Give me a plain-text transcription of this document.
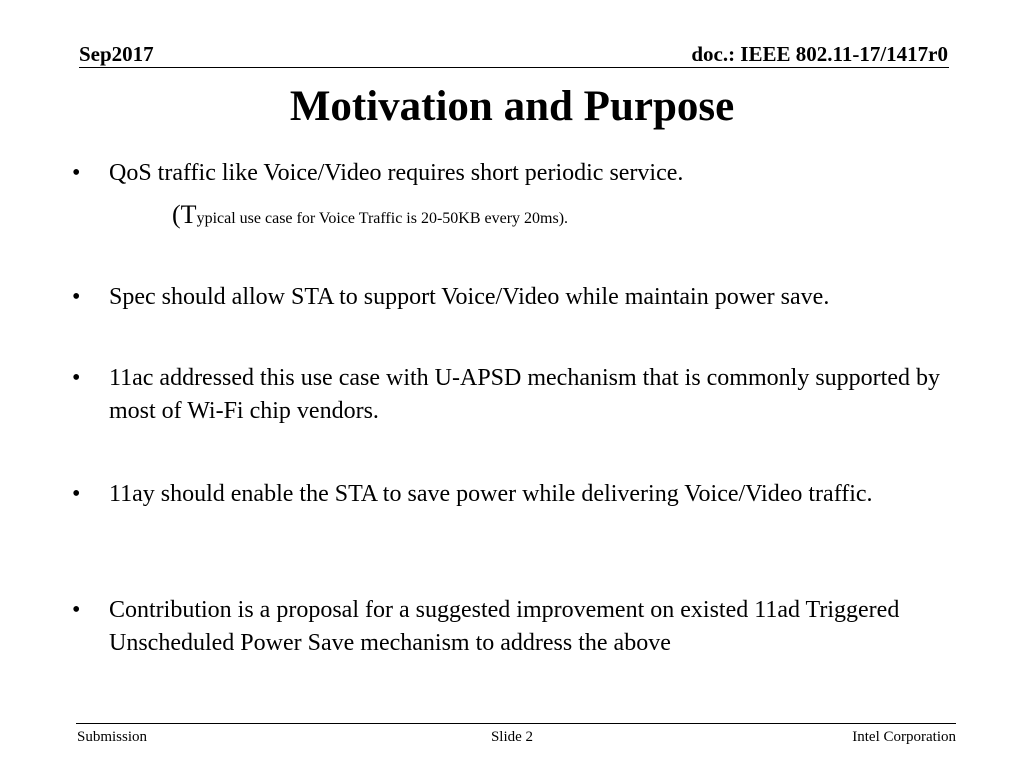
Sep2017	doc.: IEEE 802.11-17/1417r0
Motivation and Purpose
•	QoS traffic like Voice/Video requires short periodic service.
(Typical use case for Voice Traffic is 20-50KB every 20ms).
•	Spec should allow STA to support Voice/Video while maintain power save.
•	11ac addressed this use case with U-APSD mechanism that is commonly supported by most of Wi-Fi chip vendors.
•	11ay should enable the STA to save power while delivering Voice/Video traffic.
•	Contribution is a proposal for a suggested improvement on existed 11ad Triggered Unscheduled Power Save mechanism to address the above
Submission	Slide 2	Intel Corporation
